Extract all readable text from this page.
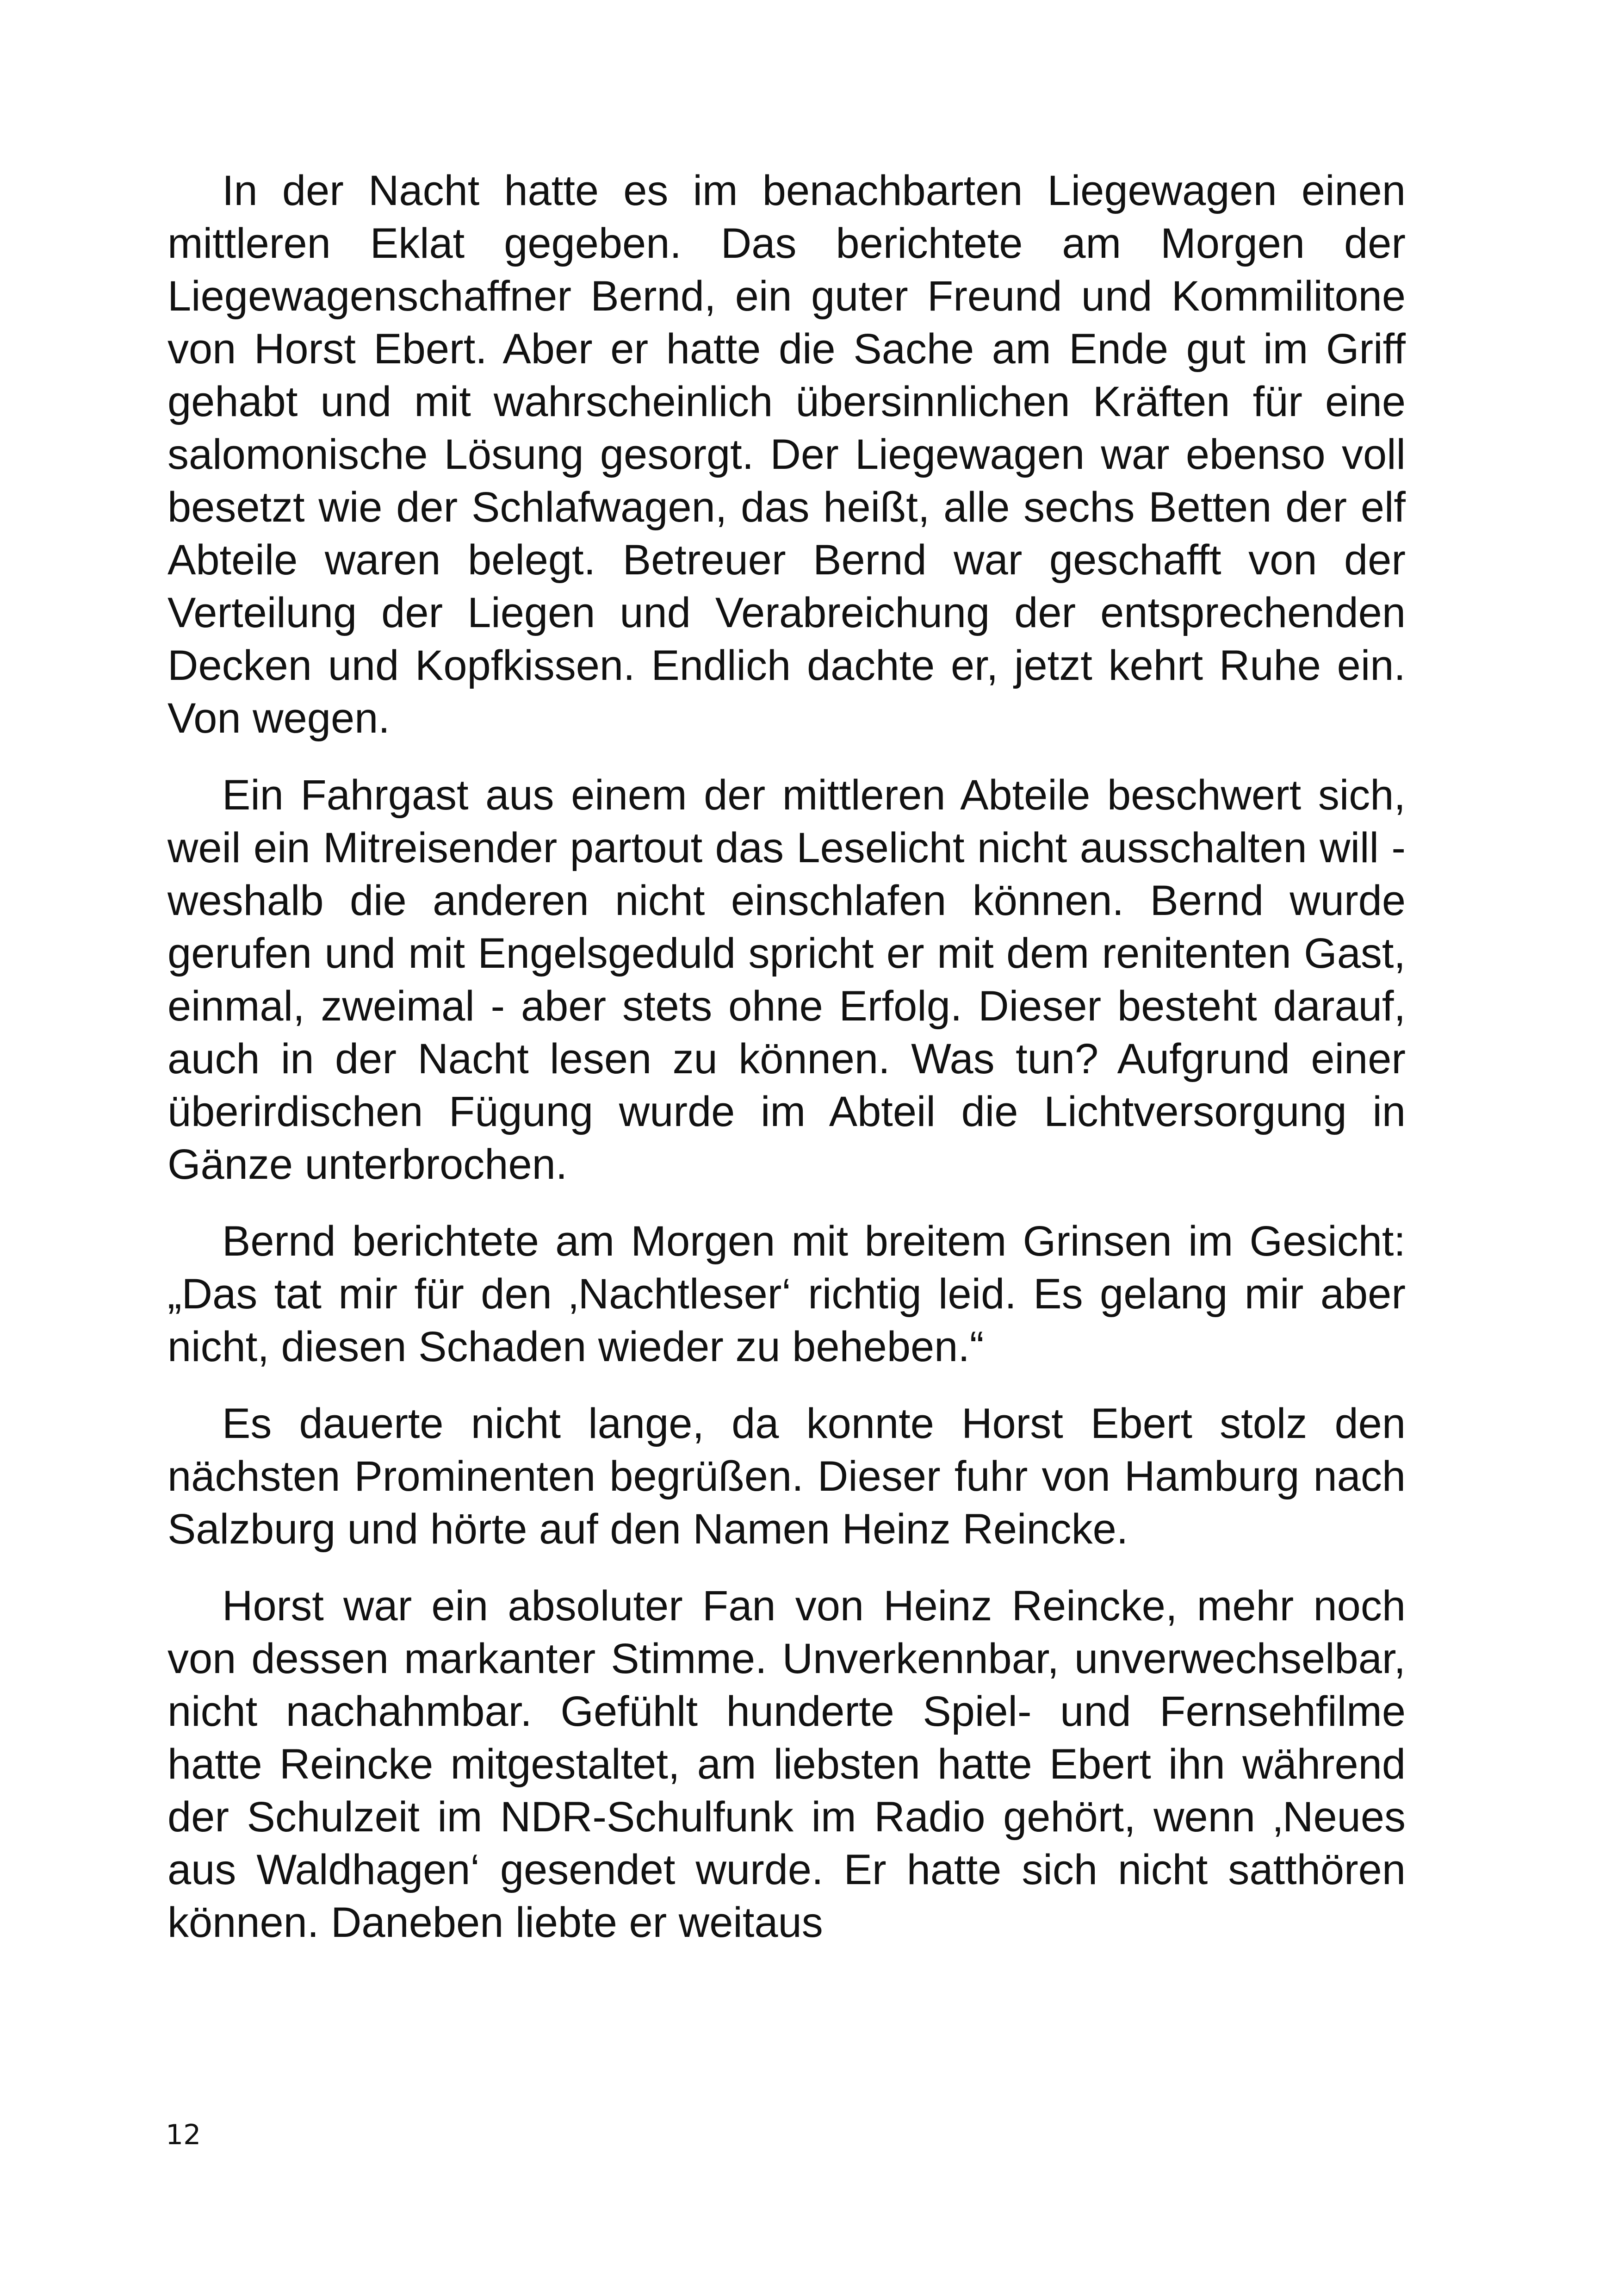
In der Nacht hatte es im benachbarten Liegewagen einen mittleren Eklat gegeben. Das berichtete am Morgen der Liegewagenschaffner Bernd, ein guter Freund und Kommilitone von Horst Ebert. Aber er hatte die Sache am Ende gut im Griff gehabt und mit wahrscheinlich übersinnlichen Kräften für eine salomonische Lösung gesorgt. Der Liegewagen war ebenso voll besetzt wie der Schlafwagen, das heißt, alle sechs Betten der elf Abteile waren belegt. Betreuer Bernd war geschafft von der Verteilung der Liegen und Verabreichung der entsprechenden Decken und Kopfkissen. Endlich dachte er, jetzt kehrt Ruhe ein. Von wegen.

Ein Fahrgast aus einem der mittleren Abteile beschwert sich, weil ein Mitreisender partout das Leselicht nicht ausschalten will - weshalb die anderen nicht einschlafen können. Bernd wurde gerufen und mit Engelsgeduld spricht er mit dem renitenten Gast, einmal, zweimal - aber stets ohne Erfolg. Dieser besteht darauf, auch in der Nacht lesen zu können. Was tun? Aufgrund einer überirdischen Fügung wurde im Abteil die Lichtversorgung in Gänze unterbrochen.

Bernd berichtete am Morgen mit breitem Grinsen im Gesicht: „Das tat mir für den ‚Nachtleser‘ richtig leid. Es gelang mir aber nicht, diesen Schaden wieder zu beheben.“

Es dauerte nicht lange, da konnte Horst Ebert stolz den nächsten Prominenten begrüßen. Dieser fuhr von Hamburg nach Salzburg und hörte auf den Namen Heinz Reincke.

Horst war ein absoluter Fan von Heinz Reincke, mehr noch von dessen markanter Stimme. Unverkennbar, unverwechselbar, nicht nachahmbar. Gefühlt hunderte Spiel- und Fernsehfilme hatte Reincke mitgestaltet, am liebsten hatte Ebert ihn während der Schulzeit im NDR-Schulfunk im Radio gehört, wenn ‚Neues aus Waldhagen‘ gesendet wurde. Er hatte sich nicht satthören können. Daneben liebte er weitaus

12
